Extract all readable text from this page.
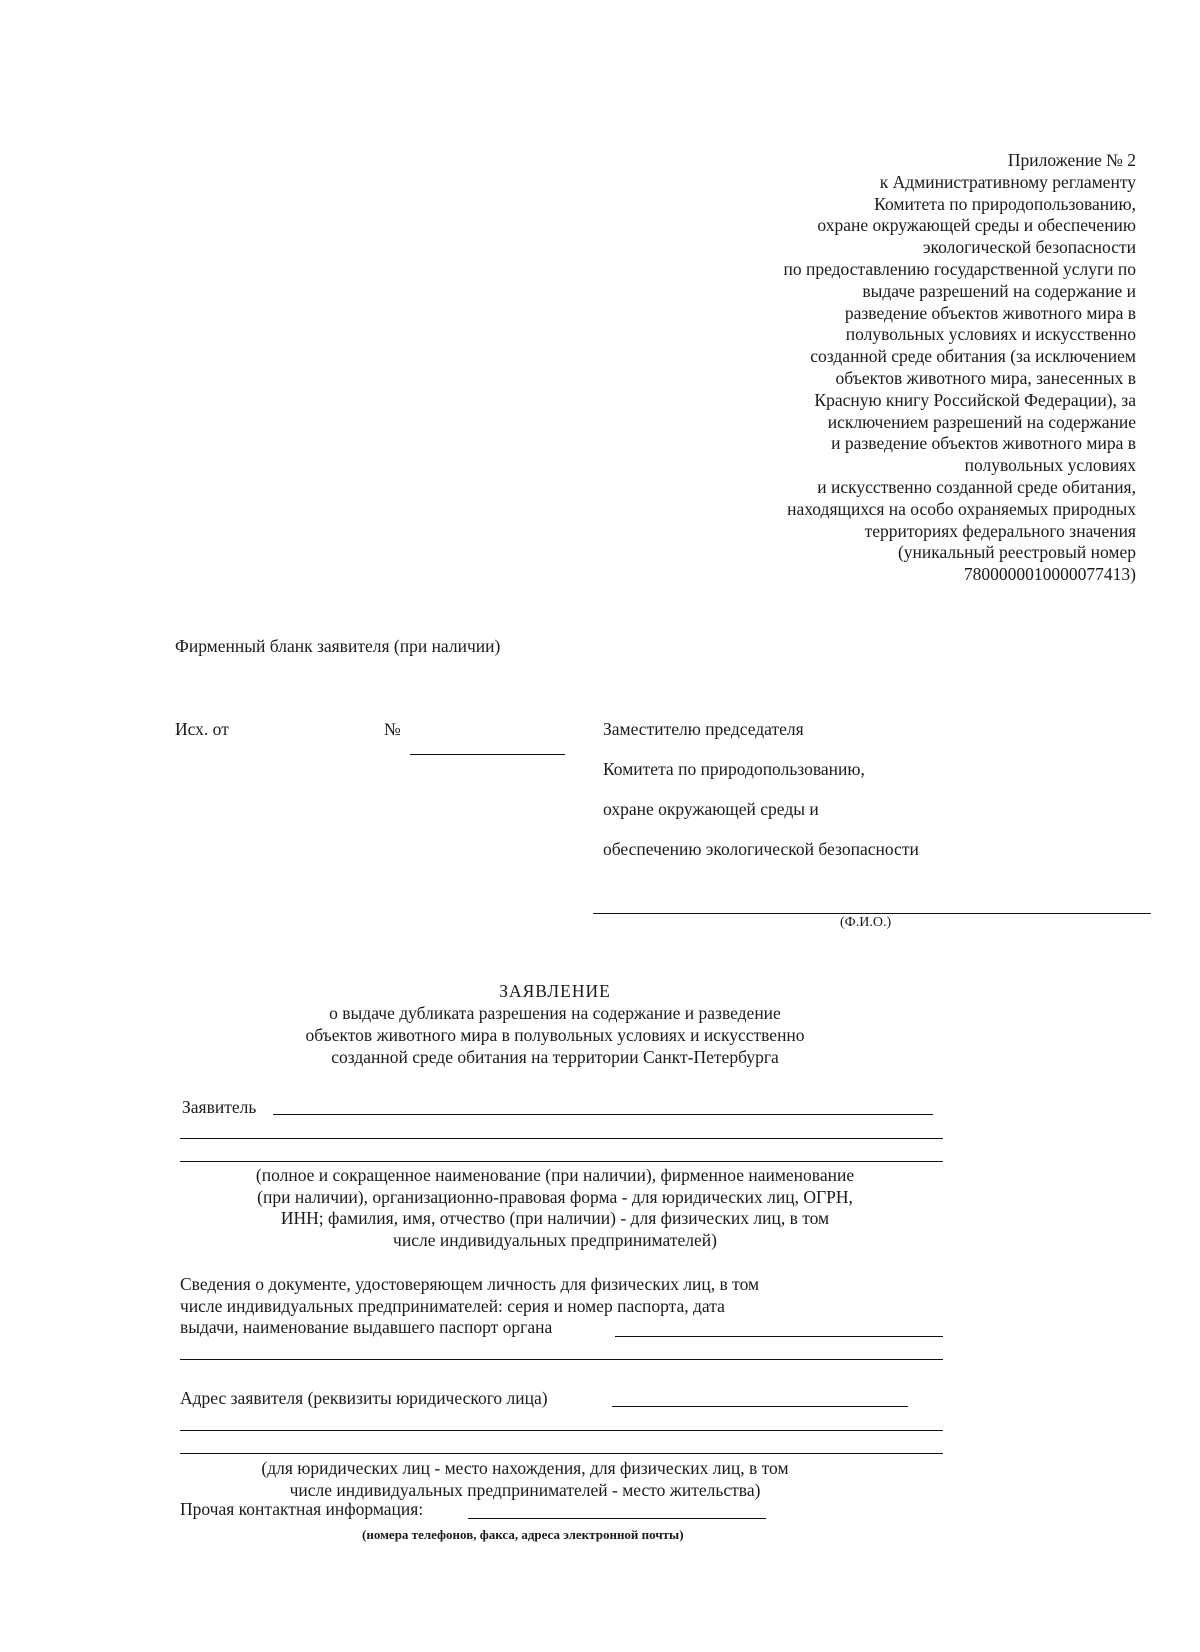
Приложение № 2
к Административному регламенту
Комитета по природопользованию,
охране окружающей среды и обеспечению
экологической безопасности
по предоставлению государственной услуги по
выдаче разрешений на содержание и
разведение объектов животного мира в
полувольных условиях и искусственно
созданной среде обитания (за исключением
объектов животного мира, занесенных в
Красную книгу Российской Федерации), за
исключением разрешений на содержание
и разведение объектов животного мира в
полувольных условиях
и искусственно созданной среде обитания,
находящихся на особо охраняемых природных
территориях федерального значения
(уникальный реестровый номер
7800000010000077413)
Фирменный бланк заявителя (при наличии)
Исх. от	№	Заместителю председателя
Комитета по природопользованию,
охране окружающей среды и
обеспечению экологической безопасности
(Ф.И.О.)
ЗАЯВЛЕНИЕ
о выдаче дубликата разрешения на содержание и разведение
объектов животного мира в полувольных условиях и искусственно
созданной среде обитания на территории Санкт-Петербурга
Заявитель
(полное и сокращенное наименование (при наличии), фирменное наименование
(при наличии), организационно-правовая форма - для юридических лиц, ОГРН,
ИНН; фамилия, имя, отчество (при наличии) - для физических лиц, в том
числе индивидуальных предпринимателей)
Сведения о документе, удостоверяющем личность для физических лиц, в том
числе индивидуальных предпринимателей: серия и номер паспорта, дата
выдачи, наименование выдавшего паспорт органа
Адрес заявителя (реквизиты юридического лица)
(для юридических лиц - место нахождения, для физических лиц, в том
числе индивидуальных предпринимателей - место жительства)
Прочая контактная информация:
(номера телефонов, факса, адреса электронной почты)
